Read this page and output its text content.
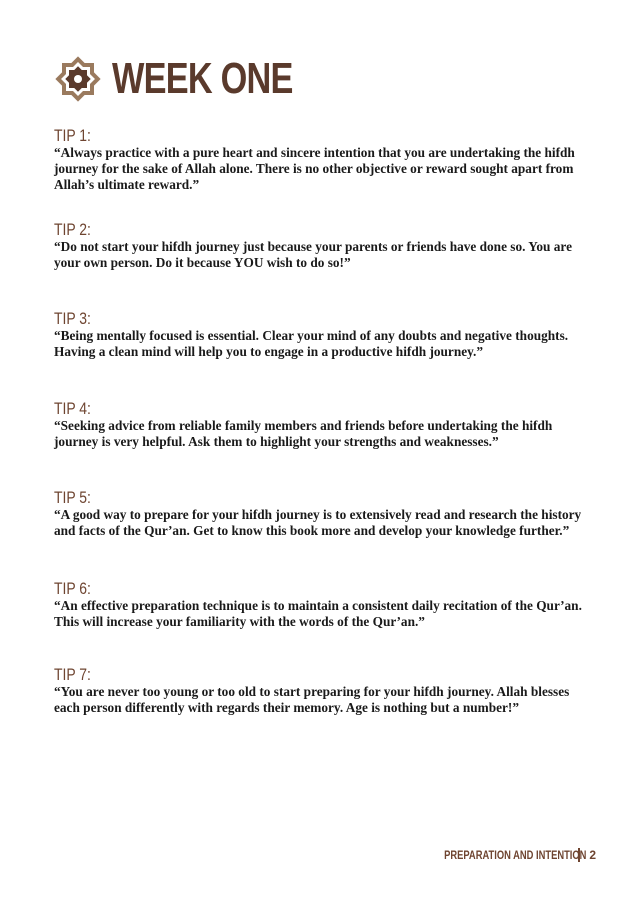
WEEK ONE
TIP 1:
“Always practice with a pure heart and sincere intention that you are undertaking the hifdh journey for the sake of Allah alone. There is no other objective or reward sought apart from Allah’s ultimate reward.”
TIP 2:
“Do not start your hifdh journey just because your parents or friends have done so. You are your own person. Do it because YOU wish to do so!”
TIP 3:
“Being mentally focused is essential. Clear your mind of any doubts and negative thoughts. Having a clean mind will help you to engage in a productive hifdh journey.”
TIP 4:
“Seeking advice from reliable family members and friends before undertaking the hifdh journey is very helpful. Ask them to highlight your strengths and weaknesses.”
TIP 5:
“A good way to prepare for your hifdh journey is to extensively read and research the history and facts of the Qur’an. Get to know this book more and develop your knowledge further.”
TIP 6:
“An effective preparation technique is to maintain a consistent daily recitation of the Qur’an. This will increase your familiarity with the words of the Qur’an.”
TIP 7:
“You are never too young or too old to start preparing for your hifdh journey. Allah blesses each person differently with regards their memory. Age is nothing but a number!”
PREPARATION AND INTENTION 2
